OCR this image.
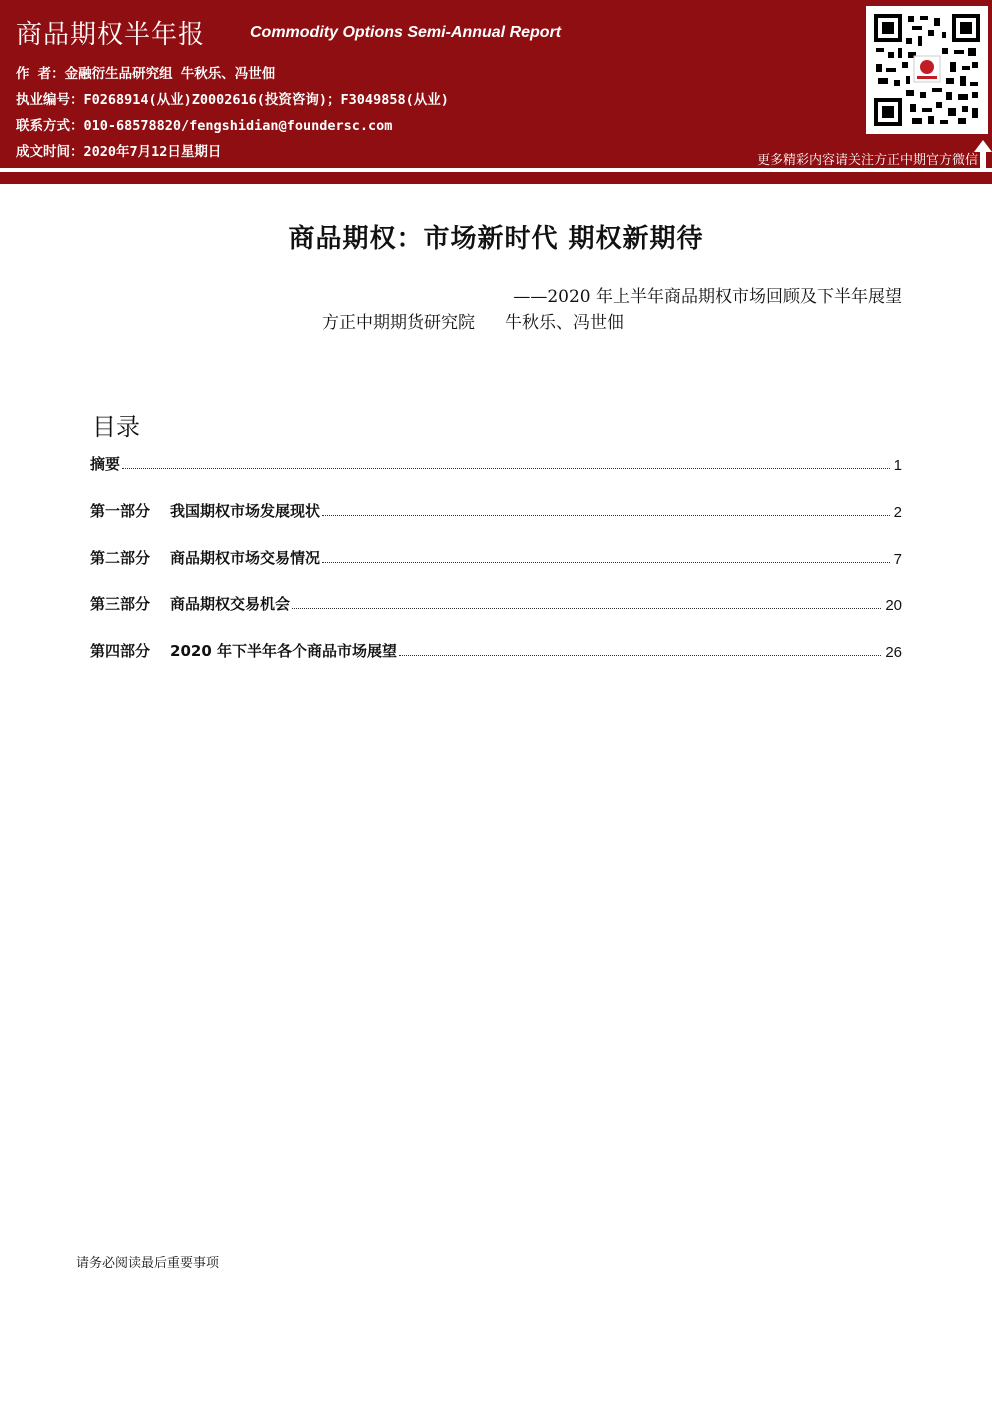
商品期权半年报	Commodity Options Semi-Annual Report
作 者：金融衍生品研究组 牛秋乐、冯世佃
执业编号：F0268914(从业)Z0002616(投资咨询)；F3049858(从业)
联系方式：010-68578820/fengshidian@foundersc.com
成文时间：2020年7月12日星期日
更多精彩内容请关注方正中期官方微信
商品期权：市场新时代 期权新期待
——2020 年上半年商品期权市场回顾及下半年展望
方正中期期货研究院 牛秋乐、冯世佃
目录
摘要	1
第一部分 我国期权市场发展现状	2
第二部分 商品期权市场交易情况	7
第三部分 商品期权交易机会	20
第四部分 2020 年下半年各个商品市场展望	26
请务必阅读最后重要事项
